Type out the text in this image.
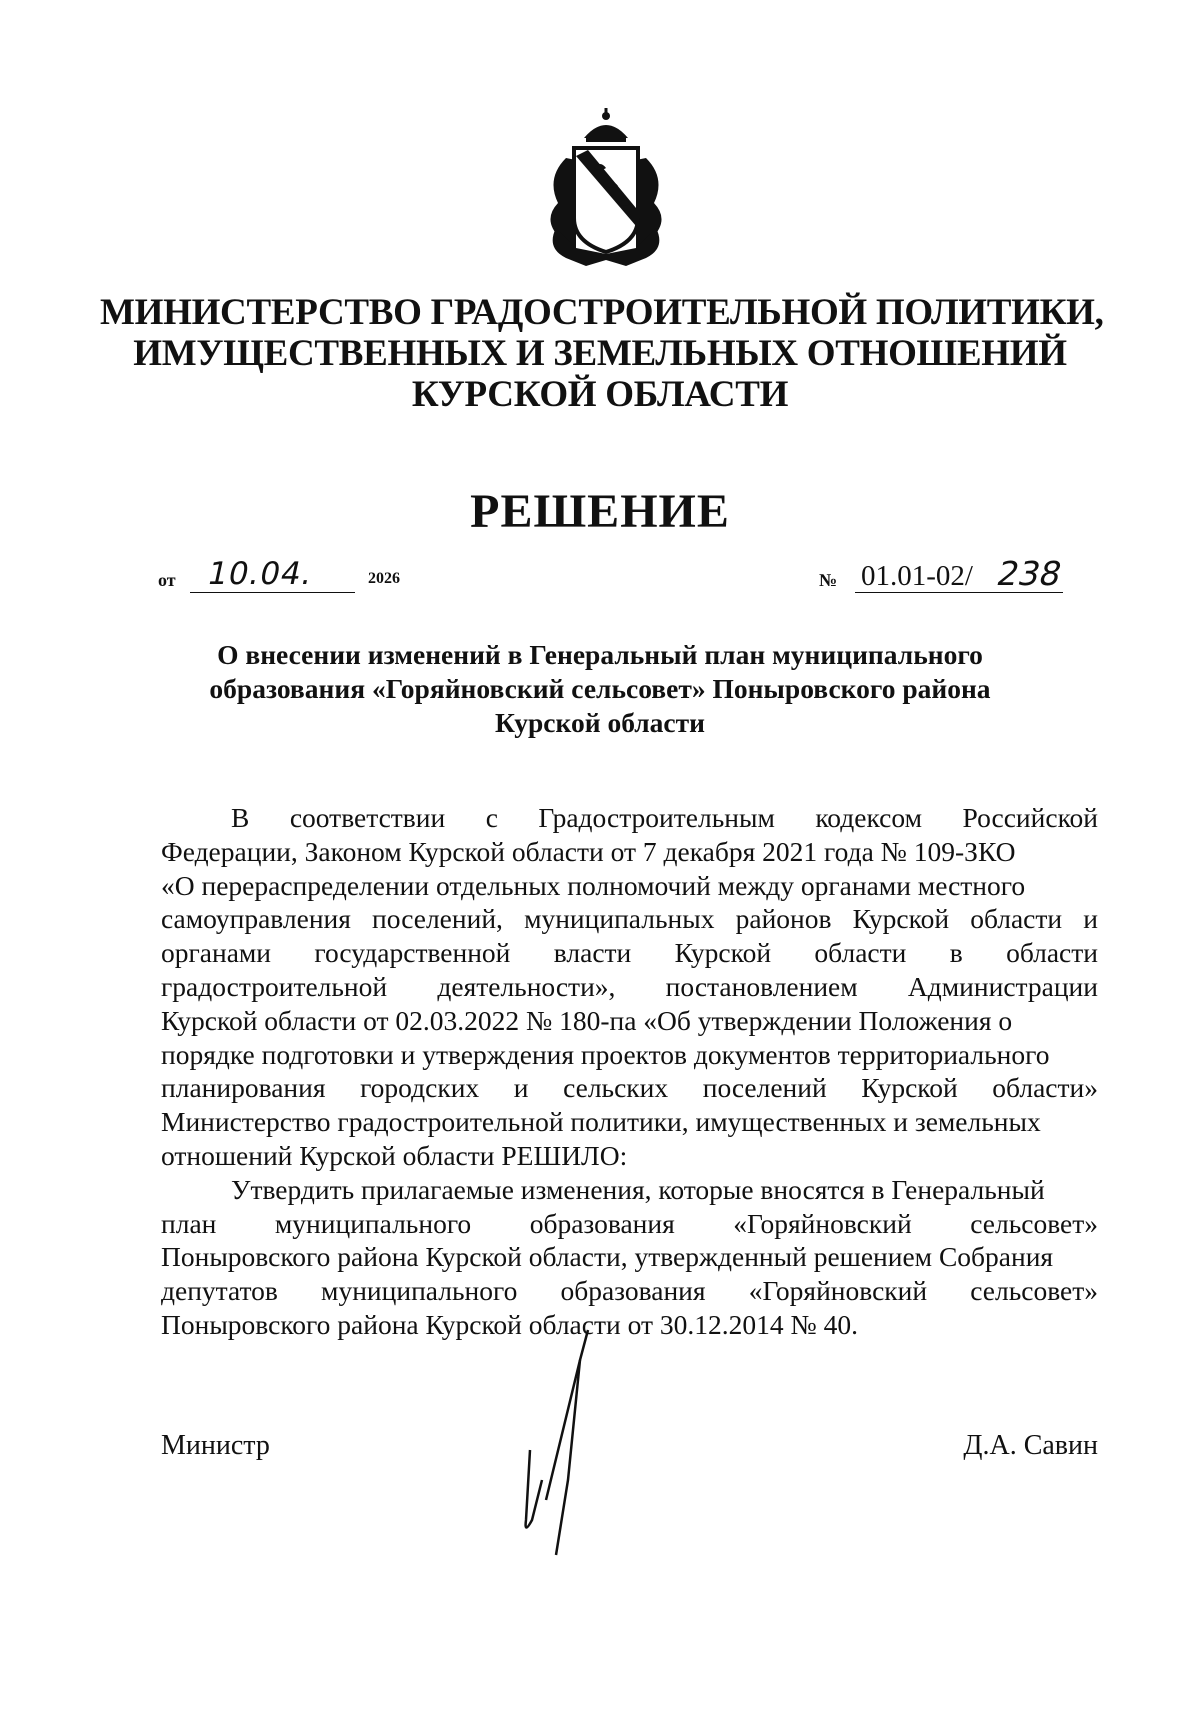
МИНИСТЕРСТВО ГРАДОСТРОИТЕЛЬНОЙ ПОЛИТИКИ,
ИМУЩЕСТВЕННЫХ И ЗЕМЕЛЬНЫХ ОТНОШЕНИЙ
КУРСКОЙ ОБЛАСТИ
РЕШЕНИЕ
от 10.04.	2026	№ 01.01-02/ 238
О внесении изменений в Генеральный план муниципального
образования «Горяйновский сельсовет» Поныровского района
Курской области
В соответствии с Градостроительным кодексом Российской
Федерации, Законом Курской области от 7 декабря 2021 года № 109-ЗКО
«О перераспределении отдельных полномочий между органами местного
самоуправления поселений, муниципальных районов Курской области и
органами государственной власти Курской области в области
градостроительной деятельности», постановлением Администрации
Курской области от 02.03.2022 № 180-па «Об утверждении Положения о
порядке подготовки и утверждения проектов документов территориального
планирования городских и сельских поселений Курской области»
Министерство градостроительной политики, имущественных и земельных
отношений Курской области РЕШИЛО:
Утвердить прилагаемые изменения, которые вносятся в Генеральный
план муниципального образования «Горяйновский сельсовет»
Поныровского района Курской области, утвержденный решением Собрания
депутатов муниципального образования «Горяйновский сельсовет»
Поныровского района Курской области от 30.12.2014 № 40.
Министр	Д.А. Савин
